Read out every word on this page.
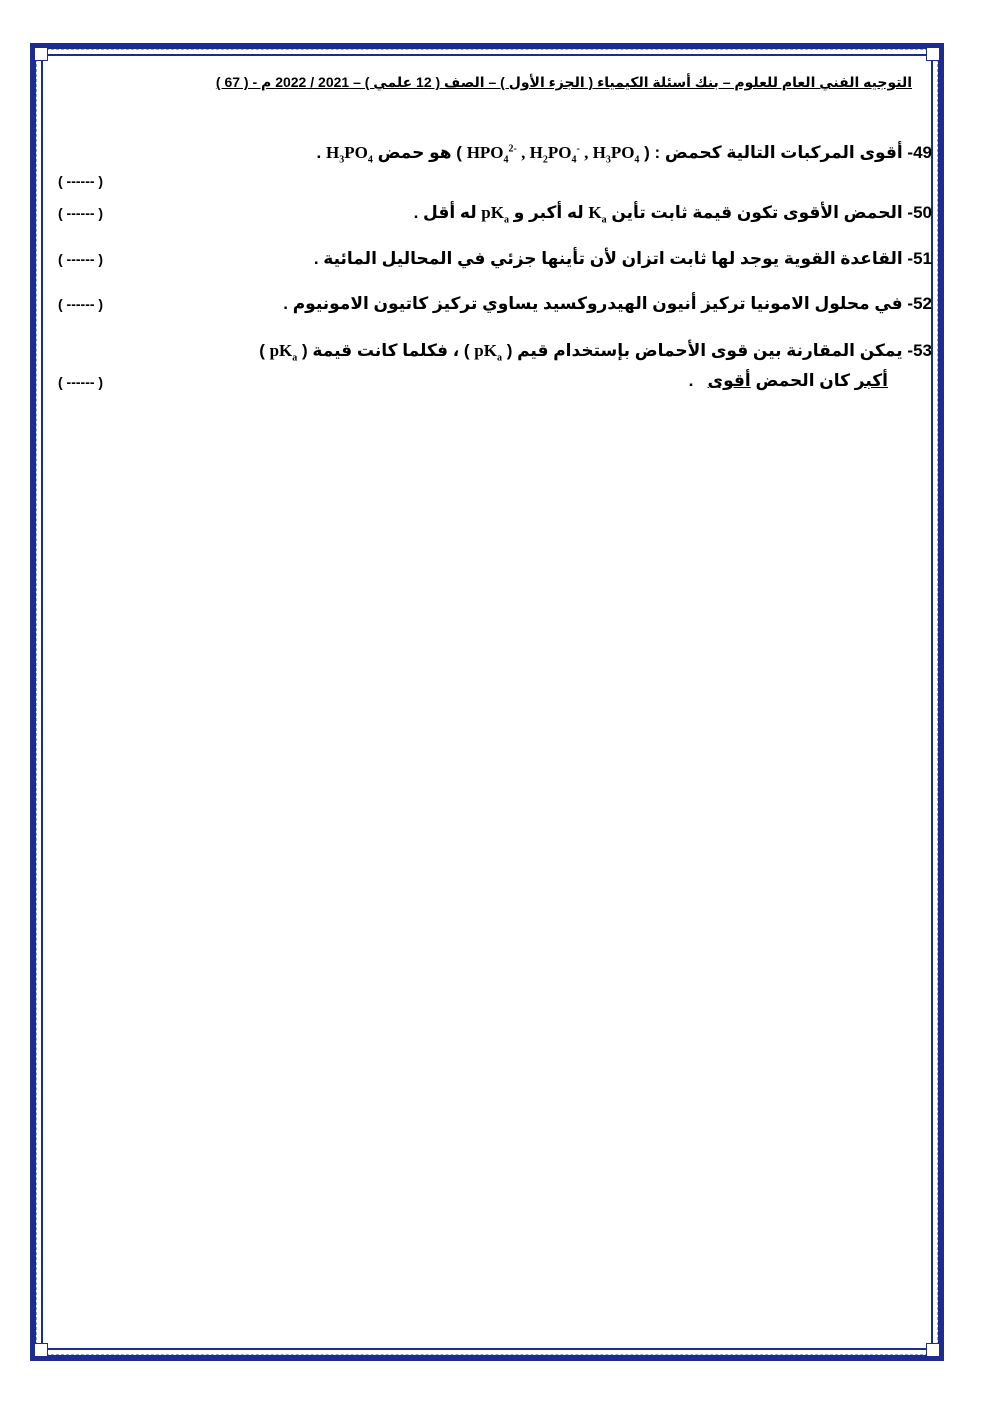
التوجيه الفني العام للعلوم – بنك أسئلة الكيمياء ( الجزء الأول ) – الصف ( 12 علمي ) – 2021 / 2022 م - ( 67 )
49- أقوى المركبات التالية كحمض : ( $HPO_4^{2-}$ , $H_2PO_4^-$ , $H_3PO_4$ ) هو حمض $H_3PO_4$ .
( ------ )
50- الحمض الأقوى تكون قيمة ثابت تأين $K_a$ له أكبر و $pK_a$ له أقل .
( ------ )
51- القاعدة القوية يوجد لها ثابت اتزان لأن تأينها جزئي في المحاليل المائية .
( ------ )
52- في محلول الامونيا تركيز أنيون الهيدروكسيد يساوي تركيز كاتيون الامونيوم .
( ------ )
53- يمكن المقارنة بين قوى الأحماض بإستخدام قيم ( $pK_a$ ) ، فكلما كانت قيمة ( $pK_a$ )
أكبر كان الحمض أقوى   .
( ------ )
